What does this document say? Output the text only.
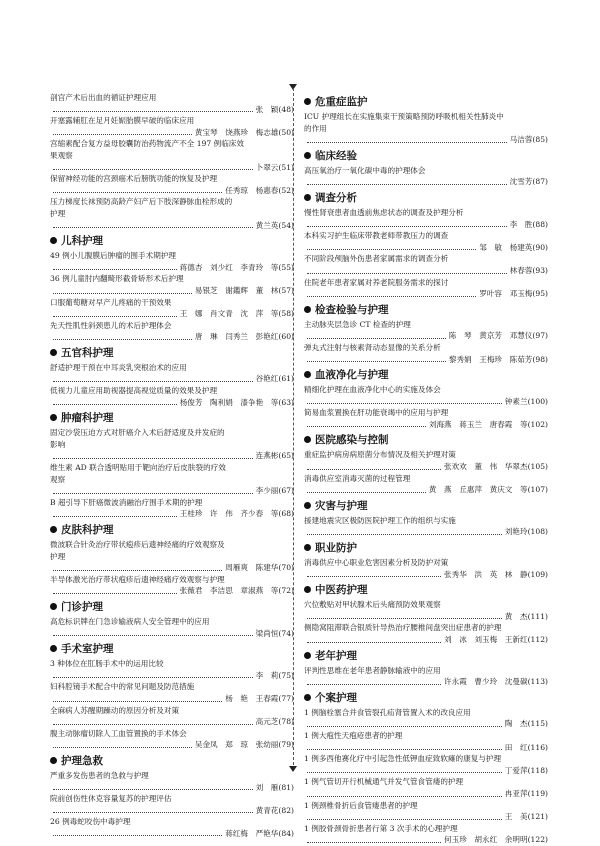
剖宫产术后出血的循证护理应用
张　颖(48)
开塞露辅肛在足月妊娠胎膜早破的临床应用
黄宝琴　饶燕珍　梅志雄(50)
宫缩素配合复方益母胶囊防治药物流产不全 197 例临床效
果观察
卜翠云(51)
保留神经功能的宫颈癌术后膀胱功能的恢复及护理
任秀琼　杨惠春(52)
压力梯度长袜预防高龄产妇产后下肢深静脉血栓形成的
护理
黄兰英(54)
儿科护理
49 例小儿腹膜后肿瘤的围手术期护理
蒋德杏　刘少红　李青玲　等(55)
36 例儿童肘内翻畸形截骨矫形术后护理
易银芝　谢鑑辉　董　林(57)
口服葡萄糖对早产儿疼痛的干预效果
王　娜　肖文青　沈　萍　等(58)
先天性肌性斜颈患儿的术后护理体会
唐　琳　闫秀兰　彭艳红(60)
五官科护理
舒适护理干预在中耳炎乳突根治术的应用
谷艳红(61)
低视力儿童应用助视器提高视觉质量的效果及护理
杨俊芳　陶利娟　漆争艳　等(63)
肿瘤科护理
固定沙袋压迫方式对肝癌介入术后舒适度及并发症的
影响
连燕彬(65)
维生素 AD 联合透明贴用于靶向治疗后皮肤裂的疗效
观察
李少丽(67)
B 超引导下肝癌微波消融治疗围手术期的护理
王桂珍　许　伟　齐少春　等(68)
皮肤科护理
微波联合针灸治疗带状疱疹后遗神经痛的疗效观察及
护理
周雁爽　陈建华(70)
半导体激光治疗带状疱疹后遗神经痛疗效观察与护理
张薇君　李洁思　章淑燕　等(72)
门诊护理
高危标识牌在门急诊输液病人安全管理中的应用
梁尚恒(74)
手术室护理
3 种体位在肛肠手术中的运用比较
李　莉(75)
妇科腔镜手术配合中的常见问题及防范措施
杨　艳　王春霞(77)
全麻病人苏醒期躁动的原因分析及对策
高元芝(78)
腹主动脉瘤切除人工血管置换的手术体会
吴金凤　郑　琼　张幼丽(79)
护理急救
严重多发伤患者的急救与护理
刘　雁(81)
院前创伤性休克容量复苏的护理评估
黄青花(82)
26 例毒蛇咬伤中毒护理
蒋红梅　严艳华(84)
危重症监护
ICU 护理组长在实施集束干预策略预防呼吸机相关性肺炎中
的作用
马洁蓉(85)
临床经验
高压氧治疗一氧化碳中毒的护理体会
沈雪芳(87)
调查分析
慢性肾衰患者血透前焦虑状态的调查及护理分析
李　胜(88)
本科实习护生临床带教老师带教压力的调查
邹　敏　杨建英(90)
不同阶段颅脑外伤患者家属需求的调查分析
林春蓉(93)
住院老年患者家属对养老院服务需求的探讨
罗叶容　邓玉梅(95)
检查检验与护理
主动脉夹层急诊 CT 检查的护理
陈　琴　黄京芳　邓慧仪(97)
弹丸式注射与核素肾动态显像的关系分析
黎秀娟　王梅珍　陈茹芳(98)
血液净化与护理
精细化护理在血液净化中心的实施及体会
钟素兰(100)
简易血浆置换在肝功能衰竭中的应用与护理
刘海燕　蒋玉兰　唐春霞　等(102)
医院感染与控制
重症监护病房病原菌分布情况及相关护理对策
张欢欢　董　伟　华翠杰(105)
消毒供应室消毒灭菌的过程管理
黄　燕　丘惠萍　黄庆文　等(107)
灾害与护理
援建地震灾区极防医院护理工作的组织与实施
刘艳玲(108)
职业防护
消毒供应中心职业危害因素分析及防护对策
张秀华　洪　英　林　静(109)
中医药护理
穴位敷贴对甲状腺术后头痛预防效果观察
黄　杰(111)
侧隐窝阻滞联合银质针导热治疗腰椎间盘突出症患者的护理
刘　冰　刘玉梅　王新红(112)
老年护理
评判性思维在老年患者静脉输液中的应用
许永霞　曹少玲　沈曼碳(113)
个案护理
1 例脑栓塞合并食管裂孔疝肾管置入术的改良应用
陶　杰(115)
1 例大疱性天疱疮患者的护理
田　红(116)
1 例多西他赛化疗中引起急性低钾血症致软瘫的康复与护理
丁爱萍(118)
1 例气管切开行机械通气并发气管食管瘘的护理
冉亚萍(119)
1 例颈椎骨折后食管瘘患者的护理
王　美(121)
1 例胶骨颈骨折患者行第 3 次手术的心理护理
何玉珍　胡永红　余明明(122)
